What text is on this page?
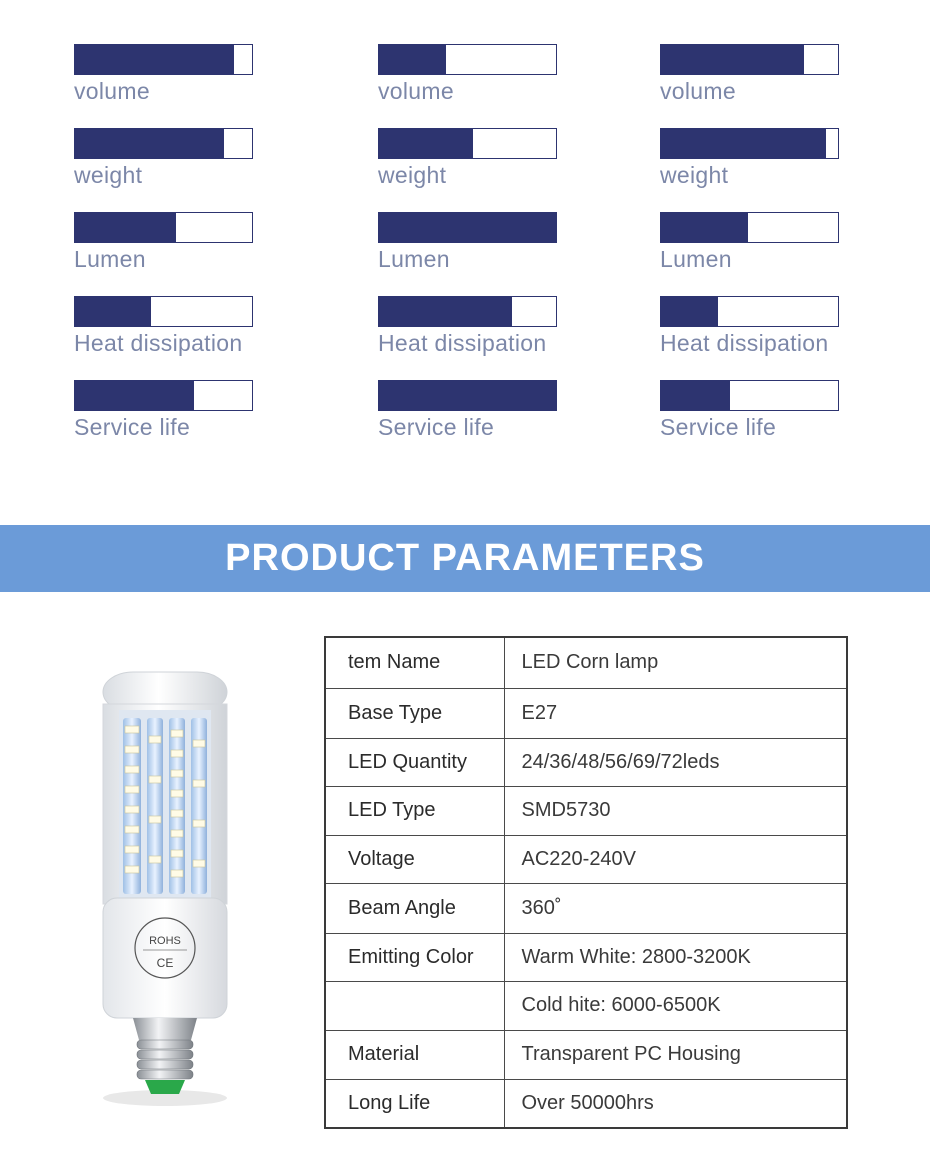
volume
weight
Lumen
Heat dissipation
Service life
volume
weight
Lumen
Heat dissipation
Service life
volume
weight
Lumen
Heat dissipation
Service life
PRODUCT PARAMETERS
ROHS
CE
tem Name	LED Corn lamp
Base Type	E27
LED Quantity	24/36/48/56/69/72leds
LED Type	SMD5730
Voltage	AC220-240V
Beam Angle	360˚
Emitting Color	Warm White: 2800-3200K
	Cold hite: 6000-6500K
Material	Transparent PC Housing
Long Life	Over 50000hrs
